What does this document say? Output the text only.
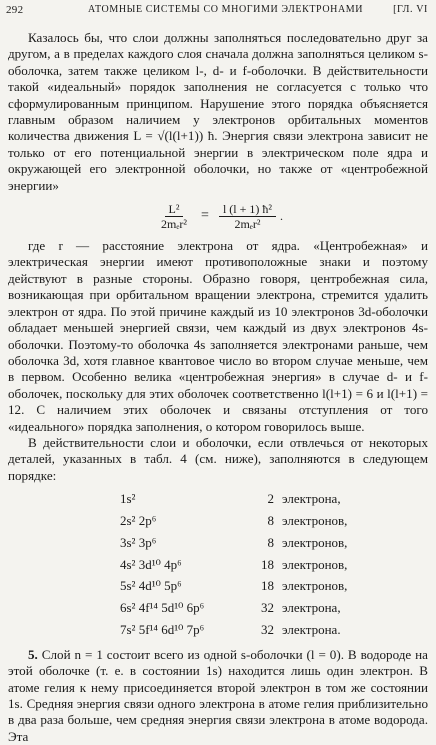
292	АТОМНЫЕ СИСТЕМЫ СО МНОГИМИ ЭЛЕКТРОНАМИ	[ГЛ. VI

Казалось бы, что слои должны заполняться последовательно друг за другом, а в пределах каждого слоя сначала должна заполняться целиком s-оболочка, затем также целиком l-, d- и f-оболочки. В действительности такой «идеальный» порядок заполнения не согласуется с только что сформулированным принципом. Нарушение этого порядка объясняется главным образом наличием у электронов орбитальных моментов количества движения L = √(l(l+1)) ħ. Энергия связи электрона зависит не только от его потенциальной энергии в электрическом поле ядра и окружающей его электронной оболочки, но также от «центробежной энергии»

$\frac{\text{L²}}{\text{2mₑr²}} = \frac{\text{l (l + 1) ħ²}}{\text{2mₑr²}}$ .

где r — расстояние электрона от ядра. «Центробежная» и электрическая энергии имеют противоположные знаки и поэтому действуют в разные стороны. Образно говоря, центробежная сила, возникающая при орбитальном вращении электрона, стремится удалить электрон от ядра. По этой причине каждый из 10 электронов 3d-оболочки обладает меньшей энергией связи, чем каждый из двух электронов 4s-оболочки. Поэтому-то оболочка 4s заполняется электронами раньше, чем оболочка 3d, хотя главное квантовое число во втором случае меньше, чем в первом. Особенно велика «центробежная энергия» в случае d- и f-оболочек, поскольку для этих оболочек соответственно l(l+1) = 6 и l(l+1) = 12. С наличием этих оболочек и связаны отступления от того «идеального» порядка заполнения, о котором говорилось выше.

В действительности слои и оболочки, если отвлечься от некоторых деталей, указанных в табл. 4 (см. ниже), заполняются в следующем порядке:

1s²	2 электрона,
2s² 2p⁶	8 электронов,
3s² 3p⁶	8 электронов,
4s² 3d¹⁰ 4p⁶	18 электронов,
5s² 4d¹⁰ 5p⁶	18 электронов,
6s² 4f¹⁴ 5d¹⁰ 6p⁶	32 электрона,
7s² 5f¹⁴ 6d¹⁰ 7p⁶	32 электрона.

5. Слой n = 1 состоит всего из одной s-оболочки (l = 0). В водороде на этой оболочке (т. е. в состоянии 1s) находится лишь один электрон. В атоме гелия к нему присоединяется второй электрон в том же состоянии 1s. Средняя энергия связи одного электрона в атоме гелия приблизительно в два раза больше, чем средняя энергия связи электрона в атоме водорода. Эта
